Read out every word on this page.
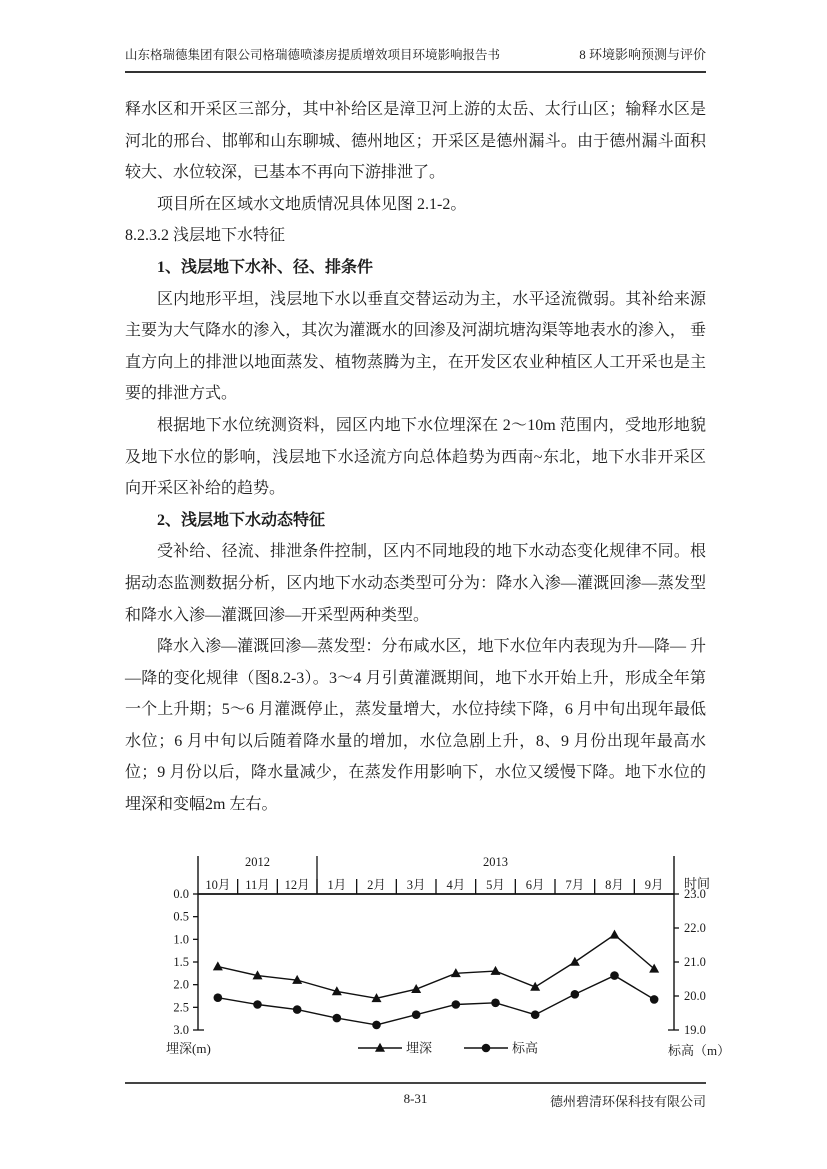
山东格瑞德集团有限公司格瑞德喷漆房提质增效项目环境影响报告书	8 环境影响预测与评价

释水区和开采区三部分，其中补给区是漳卫河上游的太岳、太行山区；输释水区是河北的邢台、邯郸和山东聊城、德州地区；开采区是德州漏斗。由于德州漏斗面积较大、水位较深，已基本不再向下游排泄了。

项目所在区域水文地质情况具体见图 2.1-2。

8.2.3.2 浅层地下水特征

1、浅层地下水补、径、排条件

区内地形平坦，浅层地下水以垂直交替运动为主，水平迳流微弱。其补给来源主要为大气降水的渗入，其次为灌溉水的回渗及河湖坑塘沟渠等地表水的渗入， 垂直方向上的排泄以地面蒸发、植物蒸腾为主，在开发区农业种植区人工开采也是主要的排泄方式。

根据地下水位统测资料，园区内地下水位埋深在 2～10m 范围内，受地形地貌及地下水位的影响，浅层地下水迳流方向总体趋势为西南~东北，地下水非开采区向开采区补给的趋势。

2、浅层地下水动态特征

受补给、径流、排泄条件控制，区内不同地段的地下水动态变化规律不同。根据动态监测数据分析，区内地下水动态类型可分为：降水入渗—灌溉回渗—蒸发型和降水入渗—灌溉回渗—开采型两种类型。

降水入渗—灌溉回渗—蒸发型：分布咸水区，地下水位年内表现为升—降— 升—降的变化规律（图8.2-3）。3～4 月引黄灌溉期间，地下水开始上升，形成全年第一个上升期；5～6 月灌溉停止，蒸发量增大，水位持续下降，6 月中旬出现年最低水位；6 月中旬以后随着降水量的增加，水位急剧上升，8、9 月份出现年最高水位；9 月份以后，降水量减少，在蒸发作用影响下，水位又缓慢下降。地下水位的埋深和变幅2m 左右。

2012	2013
10月 11月 12月 1月 2月 3月 4月 5月 6月 7月 8月 9月
0.0
0.5
1.0
1.5
2.0
2.5
3.0
23.0
22.0
21.0
20.0
19.0
时间
埋深(m)	标高（m）
埋深	标高
8-31	德州碧清环保科技有限公司
